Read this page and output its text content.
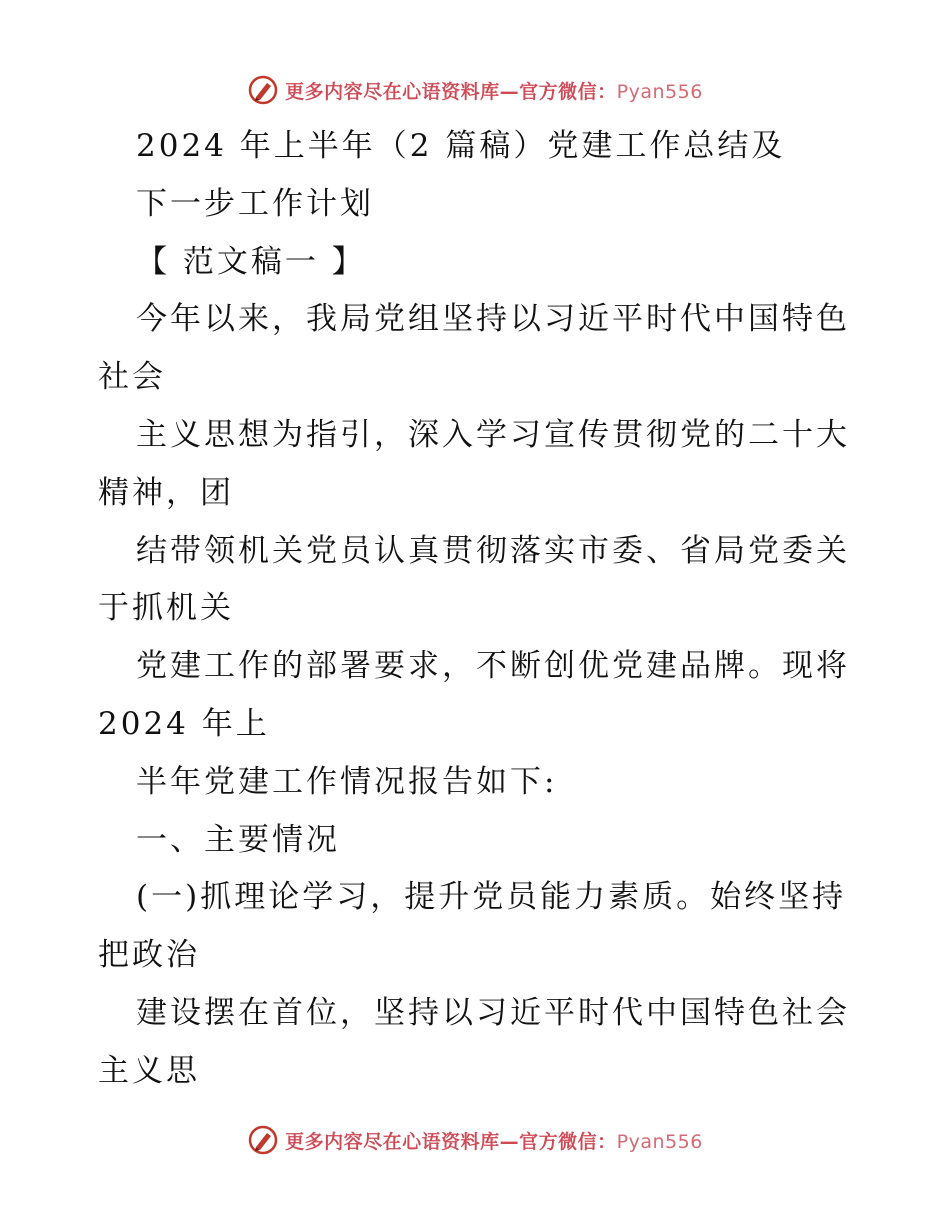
更多内容尽在心语资料库—官方微信：Pyan556
2024 年上半年（2 篇稿）党建工作总结及
下一步工作计划
【 范文稿一 】
今年以来，我局党组坚持以习近平时代中国特色
社会
主义思想为指引，深入学习宣传贯彻党的二十大
精神，团
结带领机关党员认真贯彻落实市委、省局党委关
于抓机关
党建工作的部署要求，不断创优党建品牌。现将
2024 年上
半年党建工作情况报告如下:
一、主要情况
(一)抓理论学习，提升党员能力素质。始终坚持
把政治
建设摆在首位，坚持以习近平时代中国特色社会
主义思
更多内容尽在心语资料库—官方微信：Pyan556
